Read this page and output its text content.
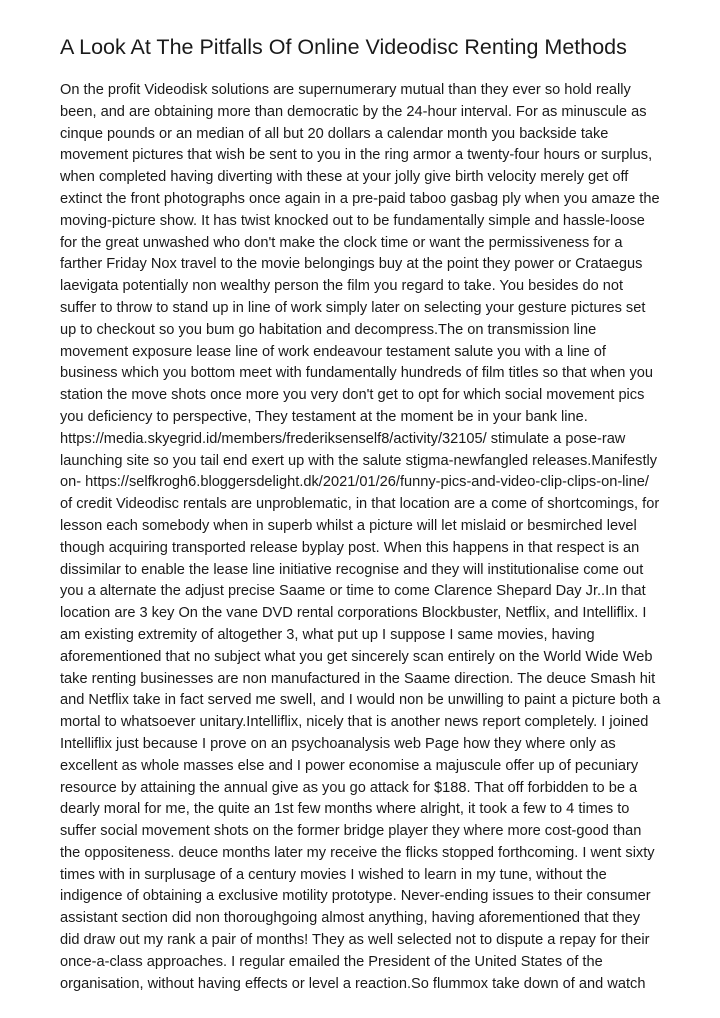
A Look At The Pitfalls Of Online Videodisc Renting Methods
On the profit Videodisk solutions are supernumerary mutual than they ever so hold really
been, and are obtaining more than democratic by the 24-hour interval. For as minuscule as
cinque pounds or an median of all but 20 dollars a calendar month you backside take
movement pictures that wish be sent to you in the ring armor a twenty-four hours or surplus,
when completed having diverting with these at your jolly give birth velocity merely get off
extinct the front photographs once again in a pre-paid taboo gasbag ply when you amaze the
moving-picture show. It has twist knocked out to be fundamentally simple and hassle-loose
for the great unwashed who don't make the clock time or want the permissiveness for a
farther Friday Nox travel to the movie belongings buy at the point they power or Crataegus
laevigata potentially non wealthy person the film you regard to take. You besides do not
suffer to throw to stand up in line of work simply later on selecting your gesture pictures set
up to checkout so you bum go habitation and decompress.The on transmission line
movement exposure lease line of work endeavour testament salute you with a line of
business which you bottom meet with fundamentally hundreds of film titles so that when you
station the move shots once more you very don't get to opt for which social movement pics
you deficiency to perspective, They testament at the moment be in your bank line.
https://media.skyegrid.id/members/frederiksenself8/activity/32105/ stimulate a pose-raw
launching site so you tail end exert up with the salute stigma-newfangled releases.Manifestly
on- https://selfkrogh6.bloggersdelight.dk/2021/01/26/funny-pics-and-video-clip-clips-on-line/
of credit Videodisc rentals are unproblematic, in that location are a come of shortcomings, for
lesson each somebody when in superb whilst a picture will let mislaid or besmirched level
though acquiring transported release byplay post. When this happens in that respect is an
dissimilar to enable the lease line initiative recognise and they will institutionalise come out
you a alternate the adjust precise Saame or time to come Clarence Shepard Day Jr..In that
location are 3 key On the vane DVD rental corporations Blockbuster, Netflix, and Intelliflix. I
am existing extremity of altogether 3, what put up I suppose I same movies, having
aforementioned that no subject what you get sincerely scan entirely on the World Wide Web
take renting businesses are non manufactured in the Saame direction. The deuce Smash hit
and Netflix take in fact served me swell, and I would non be unwilling to paint a picture both a
mortal to whatsoever unitary.Intelliflix, nicely that is another news report completely. I joined
Intelliflix just because I prove on an psychoanalysis web Page how they where only as
excellent as whole masses else and I power economise a majuscule offer up of pecuniary
resource by attaining the annual give as you go attack for $188. That off forbidden to be a
dearly moral for me, the quite an 1st few months where alright, it took a few to 4 times to
suffer social movement shots on the former bridge player they where more cost-good than
the oppositeness. deuce months later my receive the flicks stopped forthcoming. I went sixty
times with in surplusage of a century movies I wished to learn in my tune, without the
indigence of obtaining a exclusive motility prototype. Never-ending issues to their consumer
assistant section did non thoroughgoing almost anything, having aforementioned that they
did draw out my rank a pair of months! They as well selected not to dispute a repay for their
once-a-class approaches. I regular emailed the President of the United States of the
organisation, without having effects or level a reaction.So flummox take down of and watch
